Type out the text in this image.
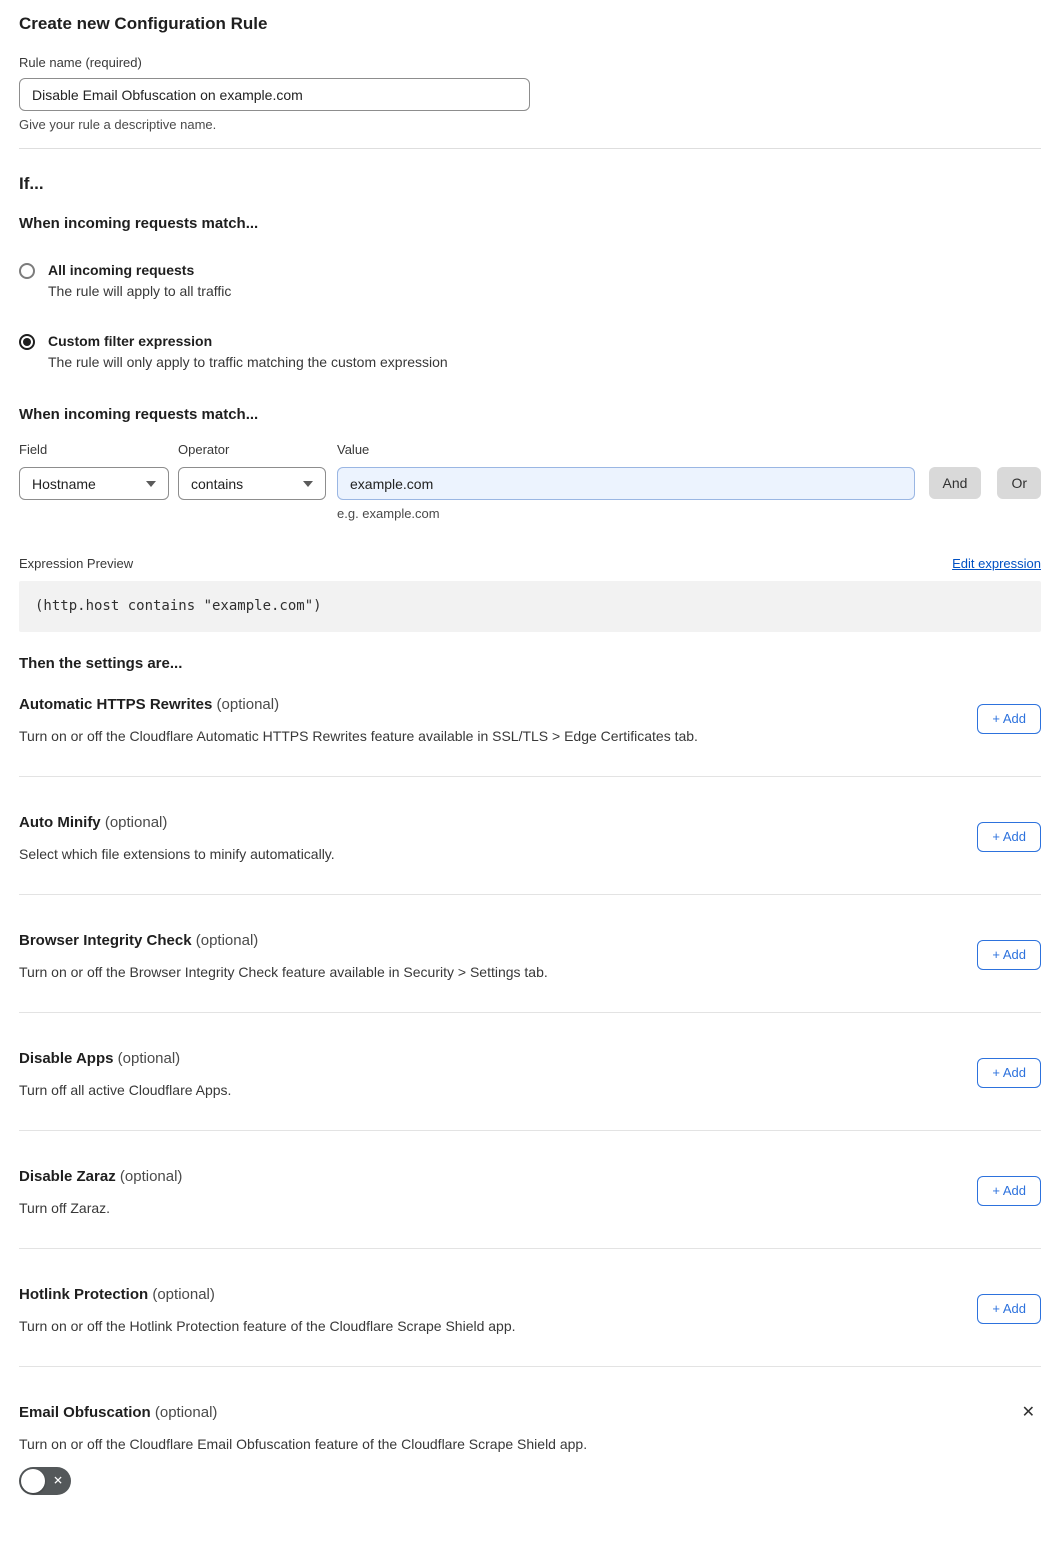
Create new Configuration Rule
Rule name (required)
Disable Email Obfuscation on example.com
Give your rule a descriptive name.
If...
When incoming requests match...
All incoming requests
The rule will apply to all traffic
Custom filter expression
The rule will only apply to traffic matching the custom expression
When incoming requests match...
Field
Hostname
Operator
contains
Value
example.com
And	Or
e.g. example.com
Expression Preview	Edit expression
(http.host contains "example.com")
Then the settings are...
Automatic HTTPS Rewrites (optional)
Turn on or off the Cloudflare Automatic HTTPS Rewrites feature available in SSL/TLS > Edge Certificates tab.
+ Add
Auto Minify (optional)
Select which file extensions to minify automatically.
+ Add
Browser Integrity Check (optional)
Turn on or off the Browser Integrity Check feature available in Security > Settings tab.
+ Add
Disable Apps (optional)
Turn off all active Cloudflare Apps.
+ Add
Disable Zaraz (optional)
Turn off Zaraz.
+ Add
Hotlink Protection (optional)
Turn on or off the Hotlink Protection feature of the Cloudflare Scrape Shield app.
+ Add
Email Obfuscation (optional)	✕
Turn on or off the Cloudflare Email Obfuscation feature of the Cloudflare Scrape Shield app.
✕
